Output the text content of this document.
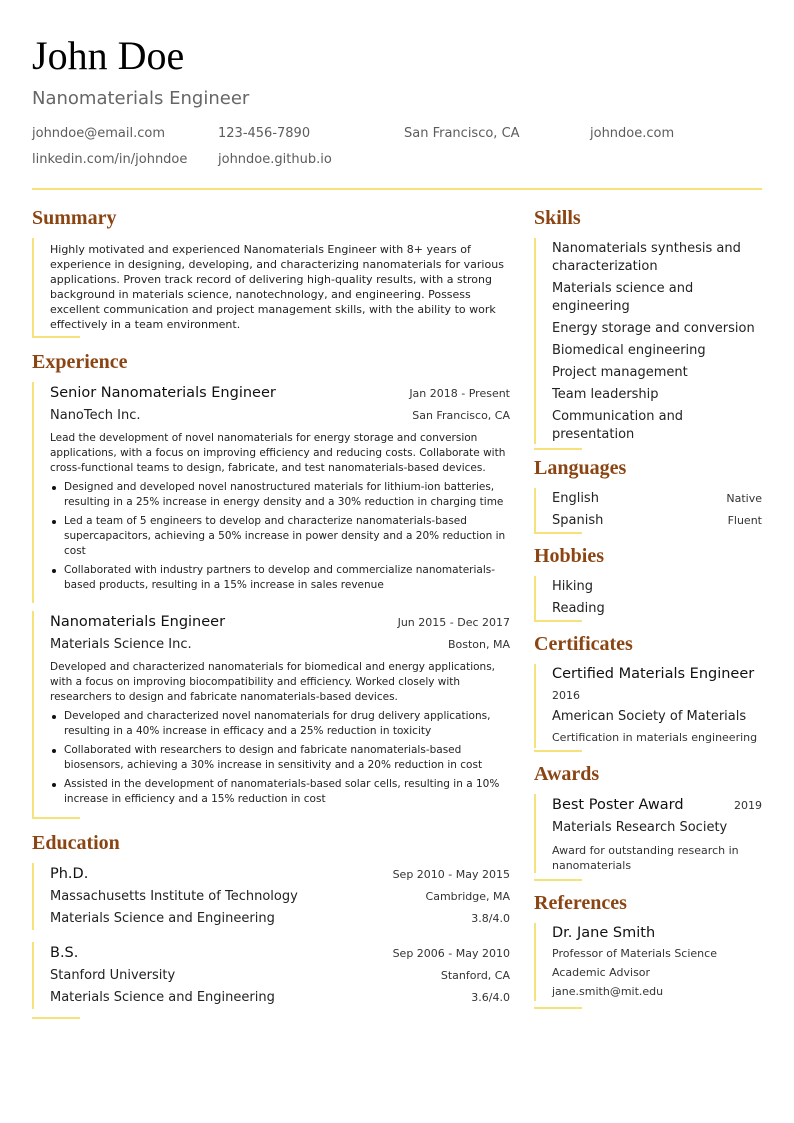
John Doe
Nanomaterials Engineer
johndoe@email.com	123-456-7890	San Francisco, CA	johndoe.com
linkedin.com/in/johndoe	johndoe.github.io
Summary
Highly motivated and experienced Nanomaterials Engineer with 8+ years of experience in designing, developing, and characterizing nanomaterials for various applications. Proven track record of delivering high-quality results, with a strong background in materials science, nanotechnology, and engineering. Possess excellent communication and project management skills, with the ability to work effectively in a team environment.
Experience
Senior Nanomaterials Engineer	Jan 2018 - Present
NanoTech Inc.	San Francisco, CA
Lead the development of novel nanomaterials for energy storage and conversion applications, with a focus on improving efficiency and reducing costs. Collaborate with cross-functional teams to design, fabricate, and test nanomaterials-based devices.
Designed and developed novel nanostructured materials for lithium-ion batteries, resulting in a 25% increase in energy density and a 30% reduction in charging time
Led a team of 5 engineers to develop and characterize nanomaterials-based supercapacitors, achieving a 50% increase in power density and a 20% reduction in cost
Collaborated with industry partners to develop and commercialize nanomaterials-based products, resulting in a 15% increase in sales revenue
Nanomaterials Engineer	Jun 2015 - Dec 2017
Materials Science Inc.	Boston, MA
Developed and characterized nanomaterials for biomedical and energy applications, with a focus on improving biocompatibility and efficiency. Worked closely with researchers to design and fabricate nanomaterials-based devices.
Developed and characterized novel nanomaterials for drug delivery applications, resulting in a 40% increase in efficacy and a 25% reduction in toxicity
Collaborated with researchers to design and fabricate nanomaterials-based biosensors, achieving a 30% increase in sensitivity and a 20% reduction in cost
Assisted in the development of nanomaterials-based solar cells, resulting in a 10% increase in efficiency and a 15% reduction in cost
Education
Ph.D.	Sep 2010 - May 2015
Massachusetts Institute of Technology	Cambridge, MA
Materials Science and Engineering	3.8/4.0
B.S.	Sep 2006 - May 2010
Stanford University	Stanford, CA
Materials Science and Engineering	3.6/4.0
Skills
Nanomaterials synthesis and characterization
Materials science and engineering
Energy storage and conversion
Biomedical engineering
Project management
Team leadership
Communication and presentation
Languages
English	Native
Spanish	Fluent
Hobbies
Hiking
Reading
Certificates
Certified Materials Engineer
2016
American Society of Materials
Certification in materials engineering
Awards
Best Poster Award	2019
Materials Research Society
Award for outstanding research in nanomaterials
References
Dr. Jane Smith
Professor of Materials Science
Academic Advisor
jane.smith@mit.edu
